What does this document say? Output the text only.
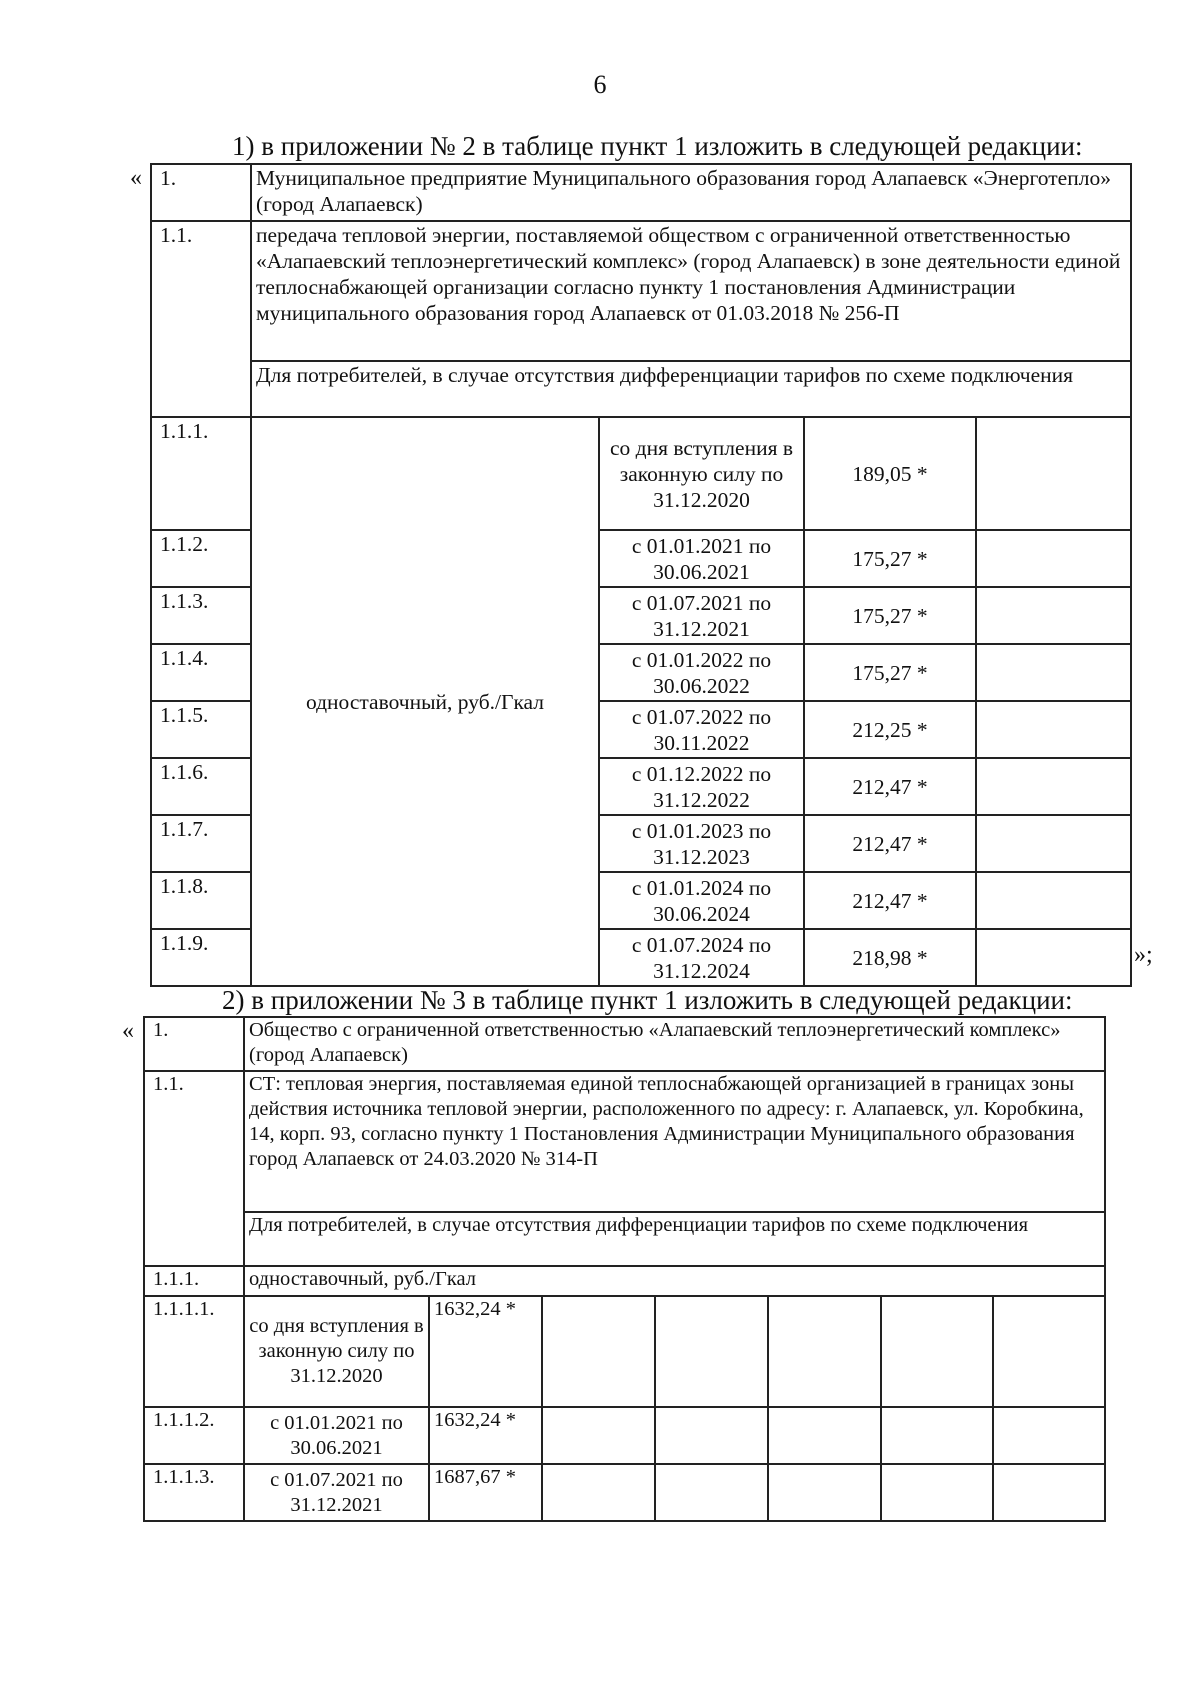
6
1) в приложении № 2 в таблице пункт 1 изложить в следующей редакции:
«
»;
1.	Муниципальное предприятие Муниципального образования город Алапаевск «Энерготепло» (город Алапаевск)			
1.1.	передача тепловой энергии, поставляемой обществом с ограниченной ответственностью «Алапаевский теплоэнергетический комплекс» (город Алапаевск) в зоне деятельности единой теплоснабжающей организации согласно пункту 1 постановления Администрации муниципального образования город Алапаевск от 01.03.2018 № 256-П			
	Для потребителей, в случае отсутствия дифференциации тарифов по схеме подключения			
1.1.1.	одноставочный, руб./Гкал	со дня вступления в законную силу по 31.12.2020	189,05 *	
1.1.2.		с 01.01.2021 по 30.06.2021	175,27 *	
1.1.3.		с 01.07.2021 по 31.12.2021	175,27 *	
1.1.4.		с 01.01.2022 по 30.06.2022	175,27 *	
1.1.5.		с 01.07.2022 по 30.11.2022	212,25 *	
1.1.6.		с 01.12.2022 по 31.12.2022	212,47 *	
1.1.7.		с 01.01.2023 по 31.12.2023	212,47 *	
1.1.8.		с 01.01.2024 по 30.06.2024	212,47 *	
1.1.9.		с 01.07.2024 по 31.12.2024	218,98 *	
2) в приложении № 3 в таблице пункт 1 изложить в следующей редакции:
« 1.	Общество с ограниченной ответственностью «Алапаевский теплоэнергетический комплекс» (город Алапаевск)						
1.1.	СТ: тепловая энергия, поставляемая единой теплоснабжающей организацией в границах зоны действия источника тепловой энергии, расположенного по адресу: г. Алапаевск, ул. Коробкина, 14, корп. 93, согласно пункту 1 Постановления Администрации Муниципального образования город Алапаевск от 24.03.2020 № 314-П						
	Для потребителей, в случае отсутствия дифференциации тарифов по схеме подключения						
1.1.1.	одноставочный, руб./Гкал						
1.1.1.1.	со дня вступления в законную силу по 31.12.2020	1632,24 *					
1.1.1.2.	с 01.01.2021 по 30.06.2021	1632,24 *					
1.1.1.3.	с 01.07.2021 по 31.12.2021	1687,67 *					
